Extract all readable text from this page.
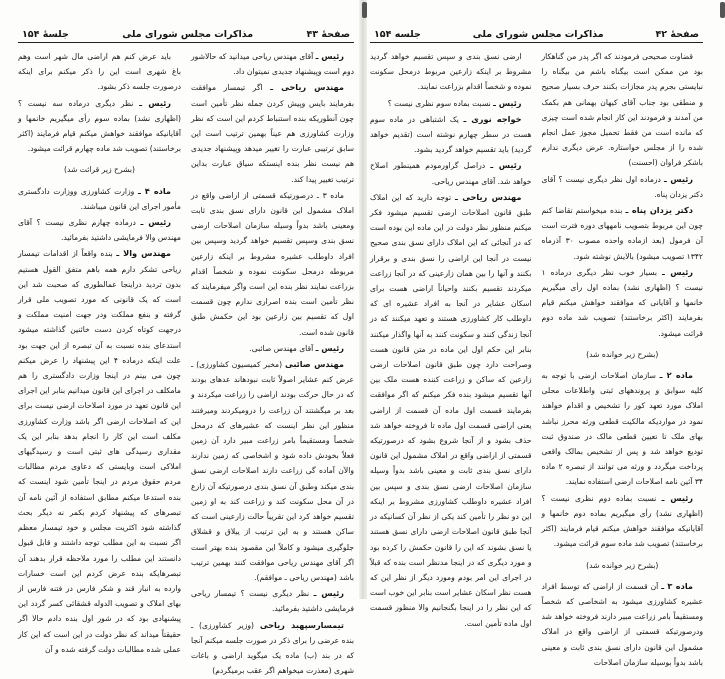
صفحهٔ ۴۳
مذاکرات مجلس شورای ملی
جلسهٔ ۱۵۴

رئیس ـ آقای مهندس ریاحی میدانید که حالاشور دوم است وپیشنهاد جدیدی نمیتوان داد.

مهندس ریاحی ـ اگر تیمسار موافقت بفرمایند بایس وپیش کردن جمله نظر تأمین است چون آنطوریکه بنده استنباط کردم این است که نظر وزارت کشاورزی هم عیناً بهمین ترتیب است این سابق ترتیبی عبارت را تغییر میدهد وپیشنهاد جدیدی هم نیست نظر بنده اینستکه سیاق عبارت بداین ترتیب تغییر پیدا کند.

ماده ۳ ـ درصورتیکه قسمتی از اراضی واقع در املاک مشمول این قانون دارای نسق بندی ثابت ومعینی باشد بدواً وسیله سازمان اصلاحات ارضی نسق بندی وسپس تقسیم خواهد گردید وسپس بین افراد داوطلب عشیره مشروط بر اینکه زارعین مربوطه درمحل سکونت نموده و شخصاً اقدام بزراعت نمایند نظر بنده این است واگر میفرمایند که نظر تأمین است بنده اصراری ندارم چون قسمت اول که تقسیم بین زارعین بود این حکمش طبق قانون شده است.

رئیس ـ آقای مهندس صائبی.

مهندس صائبی (مخبر کمیسیون کشاورزی) ـ عرض کنم عشایر اصولاً ثابت نبودهاند عدهای بودند که در حال حرکت بودند اراضی را زراعت میکردند و بعد بر میگشتند آن زراعت را درومیکردند ومیرفتند منظور این نظر اینست که عشیرهای که درمحل شخصاً ومستقیماً بامر زراعت مبیر دارد آن زمین فعلاً بخودش داده شود و اشخاصی که زمین ندارند والآن آماده گی زراعت دارند اصلاحات ارضی نسق بندی میکند وطبق آن نسق بندی درصورتیکه آن زارع در آن محل سکونت کند و زراعت کند به او زمین تقسیم خواهد کرد این تقریباً حالت زارعینی است که ساکن هستند و به این ترتیب از ییلاق و قشلاق جلوگیری میشود و کاملاً این مقصود بنده بهتر است اگر آقای مهندس ریاحی موافقت کنند بهمین ترتیب باشد (مهندس ریاحی ـ موافقم).

رئیس ـ نظر دیگری نیست ؟ تیمسار ریاحی فرمایشی داشتید بفرمائید.

تیمسارسپهبد ریاحی (وزیر کشاورزی) ـ بنده عرضی را برای ذکر در صورت جلسه میکنم آنجا که در بند (ب) ماده یک میگوید اراضی و باغات شهری (معذرت میخواهم اگر عقب برمیگردم)

باید عرض کنم هم اراضی مال شهر است وهم باغ شهری است این را ذکر میکنم برای اینکه درصورت جلسه ذکر بشود.

رئیس ـ نظر دیگری درماده سه نیست ؟ (اظهاری نشد) بماده سوم رأی میگیریم خانمها و آقایانیکه موافقند خواهش میکنم قیام فرمایند (اکثر برخاستند) تصویب شد ماده چهارم قرائت میشود.

(بشرح زیر قرائت شد)

ماده ۴ ـ وزارت کشاورزی ووزارت دادگستری مأمور اجرای این قانون میباشند.

رئیس ـ درماده چهارم نظری نیست ؟ آقای مهندس والا فرمایشی داشتید بفرمائید.

مهندس والا ـ بنده واقعاً از اقدامات تیمسار ریاحی تشکر دارم همه باهم متفق القول هستیم بدون تردید دراینجا عمالطوری که صحبت شد این است که یک قانونی که مورد تصویب ملی قرار گرفته و بنفع مملکت ودر جهت امنیت مملکت و درجهت کوتاه کردن دست خائنین گذاشته میشود استدعای بنده نسبت به آن تبصره از این جهت بود علت اینکه درماده ۴ این پیشنهاد را عرض میکنم چون می بینم در اینجا وزارت دادگستری را هم مامکلف در اجرای این قانون میدانیم بنابر این اجرای این قانون تعهد در مورد اصلاحات ارضی نیست برای این که اصلاحات ارضی اگر باشد وزارت کشاورزی مکلف است این کار را انجام بدهد بنابر این یک مقداری رسیدگی های ثبتی است و رسیدگیهای املاکی است وبایستی که دعاوی مردم مطالبات مردم حقوق مردم در اینجا تأمین شود اینست که بنده استدعا میکنم مطابق استفاده از آئین نامه آن تبصرهای که پیشنهاد کردم بکمر نه دیگر بحث گذاشته شود اکثریت مجلس و خود تیمسار معظم اگر نسبت به این مطلب توجه داشتند و قابل قبول دانستند این مطلب را مورد ملاحظه قرار بدهند آن تبصرهایکه بنده عرض کردم این است خسارات وارده به انبار قند و شکر فارس در فتنه فارس از بهای املاک و تصویب الدوله قشقائی کسر گردد این پیشنهادی بود که در شور اول بنده دادم حالا اگر حقیقتاً میداند که نظر دولت در این است که این کار عملی شده مطالبات دولت گرفته شده و آن

صفحهٔ ۴۲
مذاکرات مجلس شورای ملی
جلسه ۱۵۴

قضاوت صحیحی فرمودند که اگر پدر من گناهکار بود من ممکن است بیگناه باشم من بیگناه را نبایستی بجرم پدر مجازات بکنند حرف بسیار صحیح و منطقی بود جناب آقای کیهان بهمانی هم بکمک من آمدند و فرمودند این کار انجام شده است چیزی که مانده است من فقط تحمیل مجوز عمل انجام شده را از مجلس خواستاره. عرض دیگری ندارم باشکر فراوان (احسنت)

رئیس ـ درماده اول نظر دیگری نیست ؟ آقای دکتر یزدان پناه.

دکتر یزدان پناه ـ بنده میخواستم تقاضا کنم چون این مربوط بتصویب نامههای دوره فترت است آن فرمول (بعد ازماده واحده مصوب ۳۰ آذرماه ۱۳۴۲ تصویب میشود) بالایش نوشته شود.

رئیس ـ بسیار خوب نظر دیگری درماده ۱ نیست ؟ (اظهاری نشد) بماده اول رأی میگیریم خانمها و آقایانی که موافقند خواهش میکنم قیام بفرمایند (اکثر برخاستند) تصویب شد ماده دوم قرائت میشود.

(بشرح زیر خوانده شد)

ماده ۲ ـ سازمان اصلاحات ارضی با توجه به کلیه سوابق و پروندههای ثبتی واطلاعات محلی املاک مورد تعهد کور را تشخیص و اقدام خواهند نمود در مواردیکه مالکیت قطعی ورثه محرز نباشد بهای ملک تا تعیین قطعی مالک در صندوق ثبت تودیع خواهد شد و پس از تشخیص بمالک واقعی پرداخت میگردد و ورثه می توانند از تبصره ۲ ماده ۳۴ آئین نامه اصلاحات ارضی استفاده نمایند.

رئیس ـ نسبت بماده دوم نظری نیست ؟ (اظهاری نشد) رأی میگیریم بماده دوم خانمها و آقایانیکه موافقند خواهش میکنم قیام فرمایند (اکثر برخاستند) تصویب شد ماده سوم قرائت میشود.

(بشرح زیر خوانده شد)

ماده ۳ ـ آن قسمت از اراضی که توسط افراد عشیره کشاورزی میشود به اشخاصی که شخصاً ومستقیماً بامر زراعت مبیر دارند فروخته خواهد شد ودرصورتیکه قسمتی از اراضی واقع در املاک مشمول این قانون دارای نسق بندی ثابت و معینی باشد بدواً بوسیله سازمان اصلاحات

ارضی نسق بندی و سپس تقسیم خواهد گردید مشروط بر اینکه زارعین مربوط درمحل سکونت نموده و شخصاً اقدام بزراعت نمایند.

رئیس ـ نسبت بماده سوم نظری نیست ؟

خواجه نوری ـ یک اشتباهی در ماده سوم هست در سطر چهارم نوشته است (تقدیم خواهد گردید) باید تقسیم خواهد گردید بشود.

رئیس ـ دراصل گراورمودم همینطور اصلاح خواهد شد. آقای مهندس ریاحی.

مهندس ریاحی ـ توجه دارید که این املاک طبق قانون اصلاحات ارضی تقسیم میشود فکر میکنم منظور نظر دولت در این ماده این بوده است که در آنجائی که این املاک دارای نسق بندی صحیح نیست در آنجا این اراضی را نسق بندی و برقرار بکنند و آنها را بین همان زارعینی که در آنجا زراعت میکردند تقسیم بکنند واحیاناً اراضی هست برای اسکان عشایر در آنجا به افراد عشیره ای که داوطلب کار کشاورزی هستند و تعهد میکنند که در آنجا زندگی کنند و سکونت کنند به آنها واگذار میکنند بنابر این حکم اول این ماده در متن قانون هست وصراحت دارد چون طبق قانون اصلاحات ارضی زارعین که ساکن و زراعت کننده هست ملک بین آنها تقسیم میشود بنده فکر میکنم که اگر موافقت بفرمایند قسمت اول ماده آن قسمت از اراضی یعنی اراضی قسمت اول ماده تا فروخته خواهد شد حذف بشود و از آنجا شروع بشود که درصورتیکه قسمتی از اراضی واقع در املاک مشمول این قانون دارای نسق بندی ثابت و معینی باشد بدواً وسیله سازمان اصلاحات ارضی نسق بندی و سپس بین افراد عشیره داوطلب کشاورزی مشروط بر اینکه این دو نظر را تأمین کند یکی از نظر آن کسانیکه در آنجا طبق قانون اصلاحات ارضی دارای نسق هستند یا نسق بشوند که این را قانون حکمش را کرده بود و مورد دیگری که در اینجا مدنظر است بنده که قبلاً در اجرای این امر بودم ومورد دیگر از نظر این که هست نظر اسکان عشایر است بنابر این خوب است که این نظر را در اینجا بگنجانیم والا منظور قسمت اول ماده تأمین است.
